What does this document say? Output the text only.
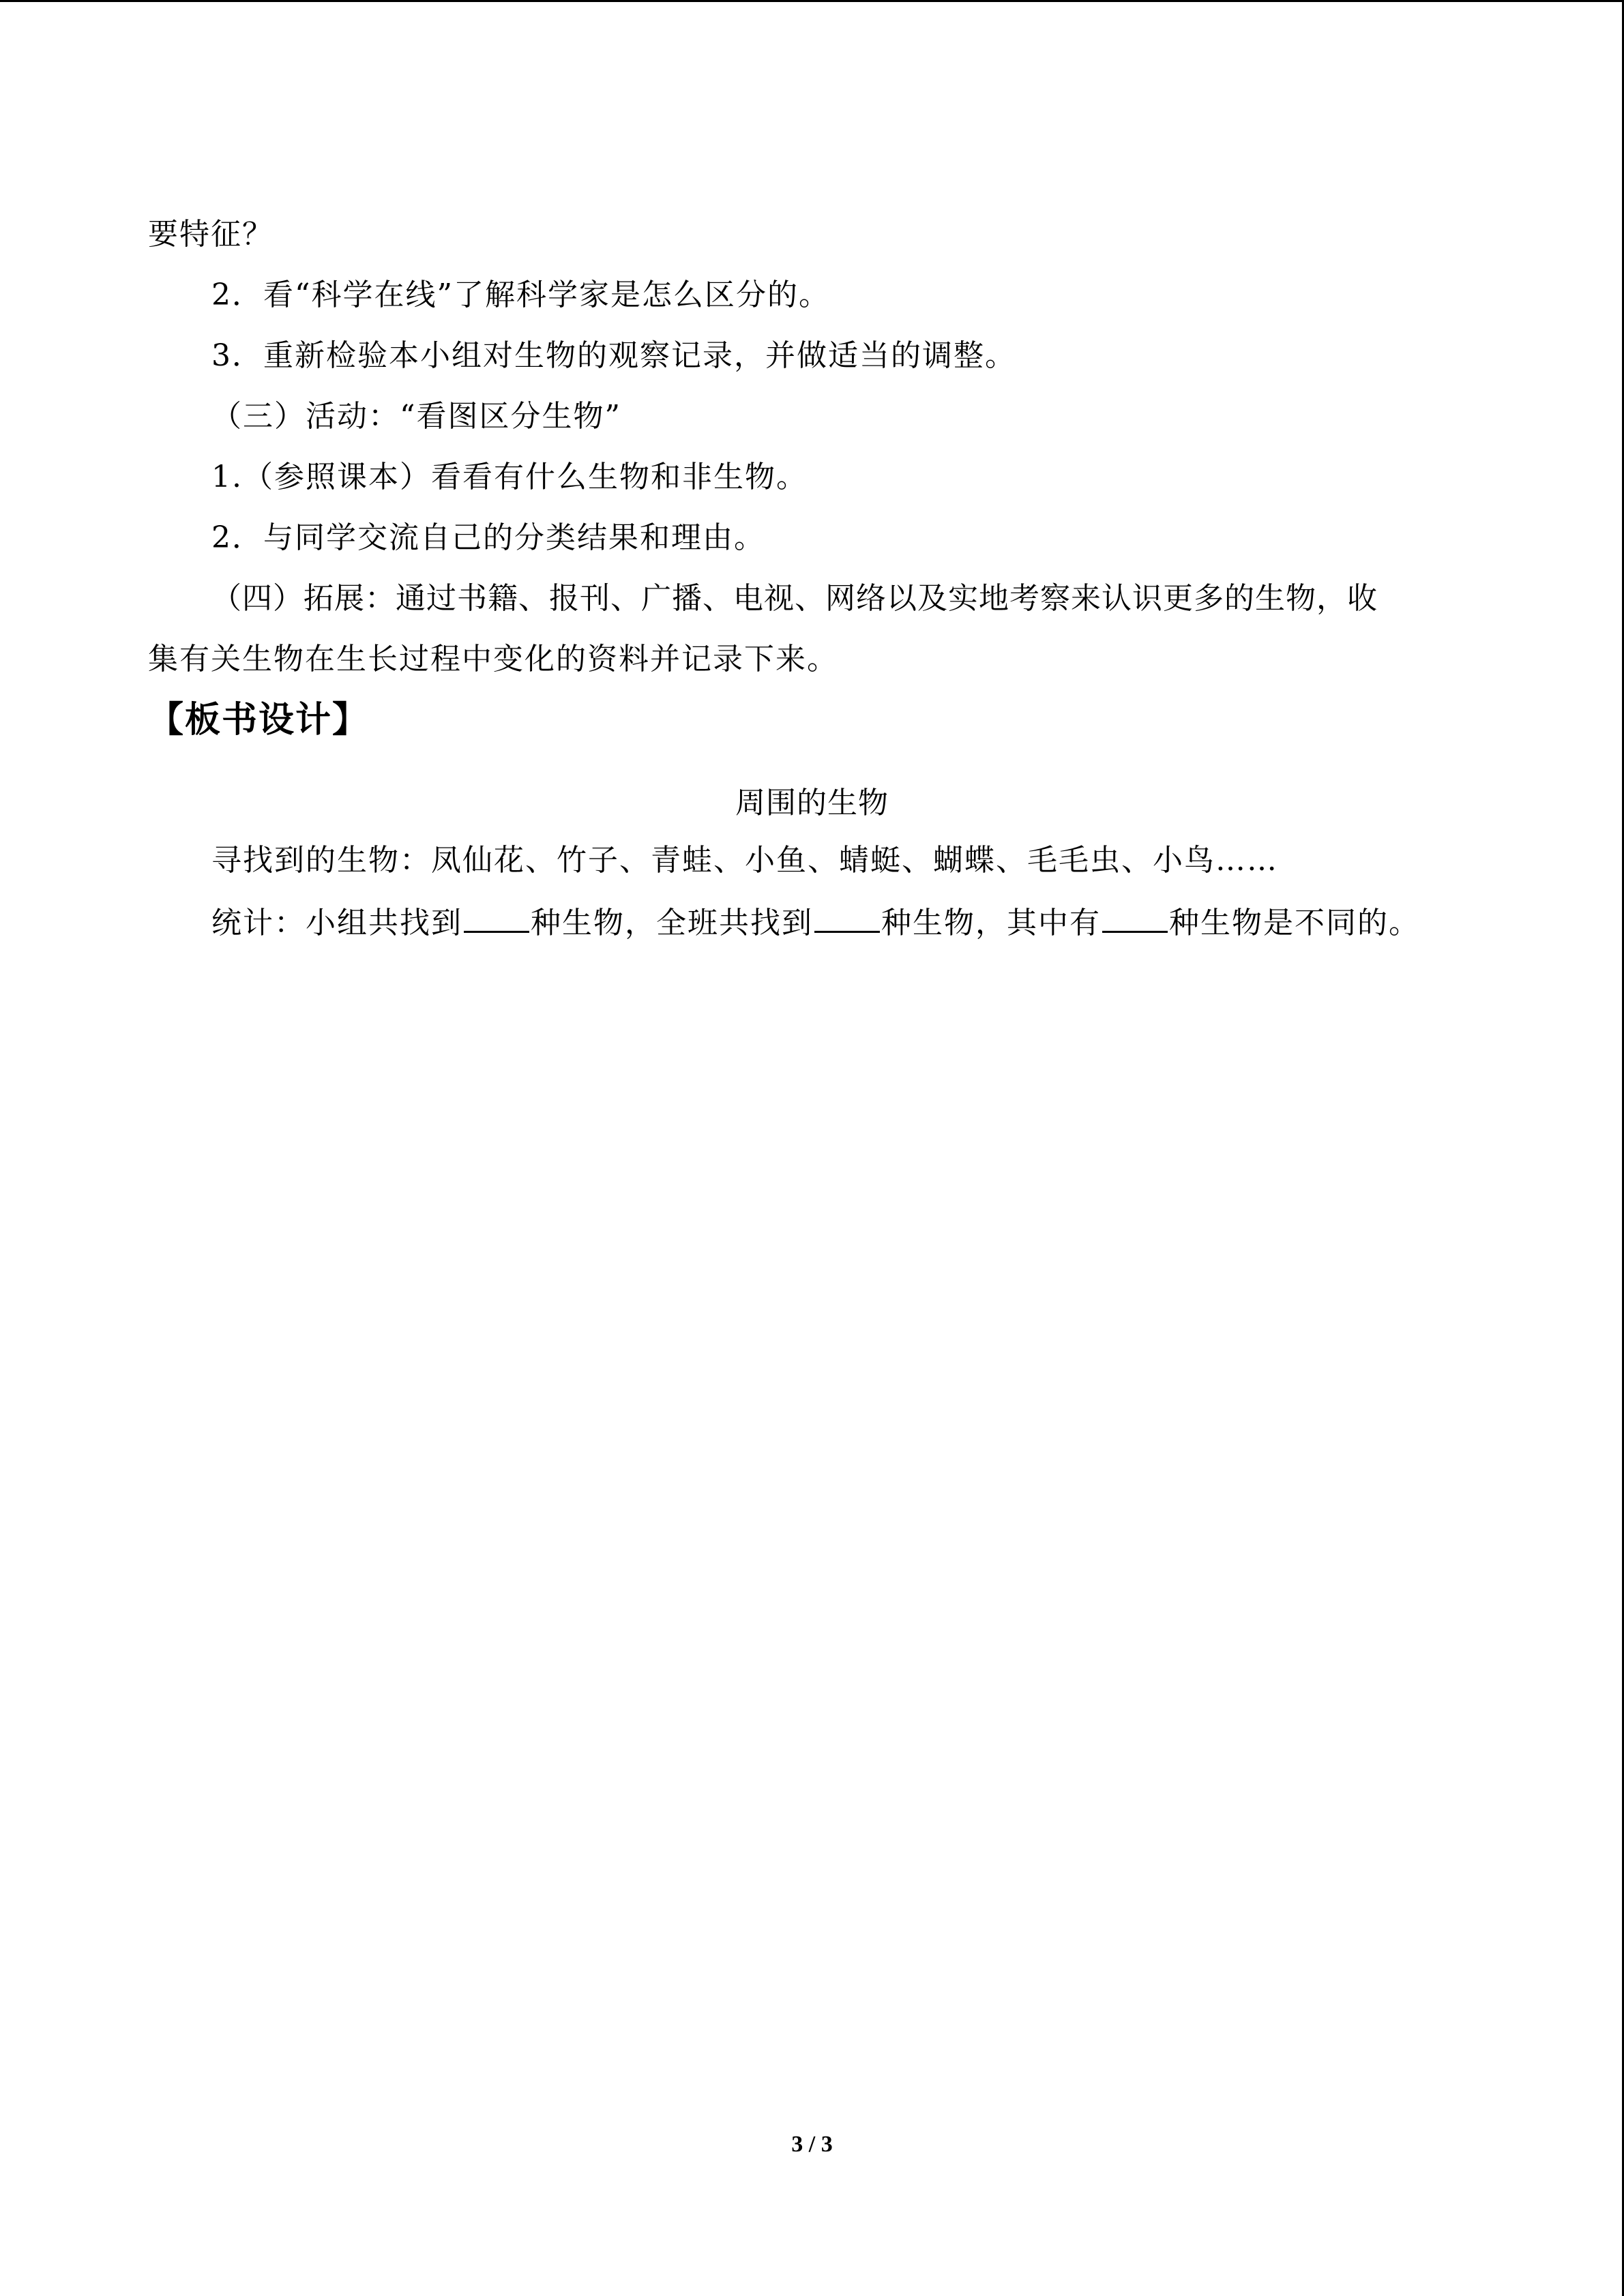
要特征？
2．看“科学在线”了解科学家是怎么区分的。
3．重新检验本小组对生物的观察记录，并做适当的调整。
（三）活动：“看图区分生物”
1.（参照课本）看看有什么生物和非生物。
2．与同学交流自己的分类结果和理由。
（四）拓展：通过书籍、报刊、广播、电视、网络以及实地考察来认识更多的生物，收
集有关生物在生长过程中变化的资料并记录下来。
【板书设计】
周围的生物
寻找到的生物：凤仙花、竹子、青蛙、小鱼、蜻蜓、蝴蝶、毛毛虫、小鸟……
统计：小组共找到 种生物，全班共找到 种生物，其中有 种生物是不同的。
3 / 3
